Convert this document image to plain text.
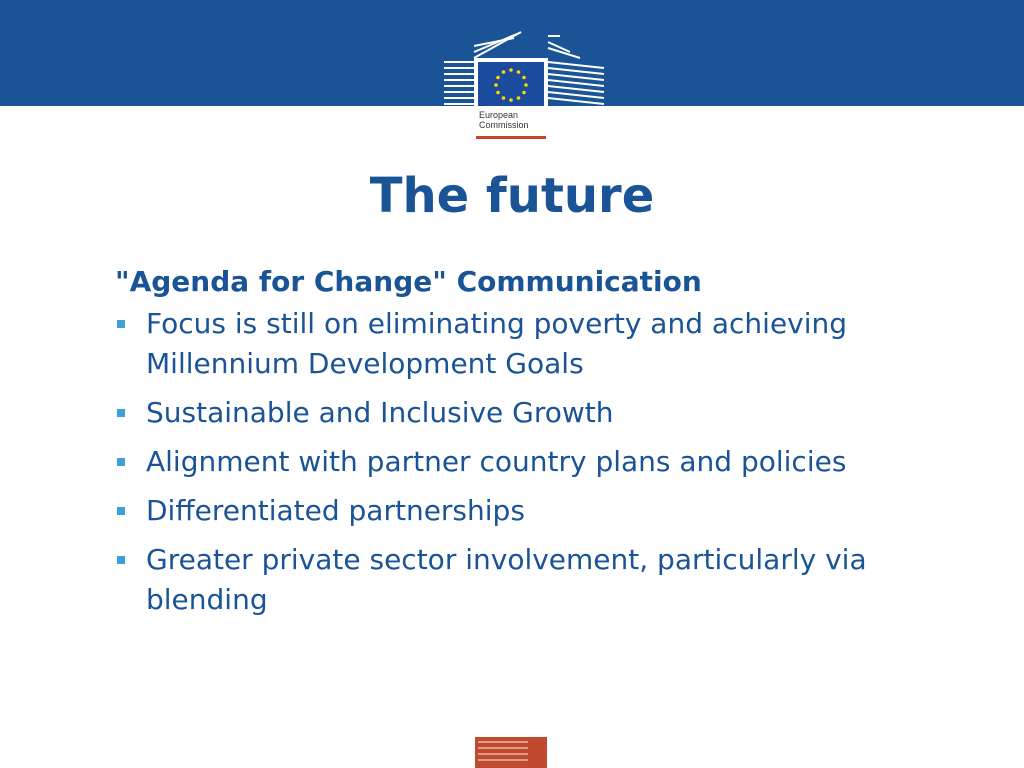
European
Commission
The future

"Agenda for Change" Communication

Focus is still on eliminating poverty and achieving Millennium Development Goals
Sustainable and Inclusive Growth
Alignment with partner country plans and policies
Differentiated partnerships
Greater private sector involvement, particularly via blending
